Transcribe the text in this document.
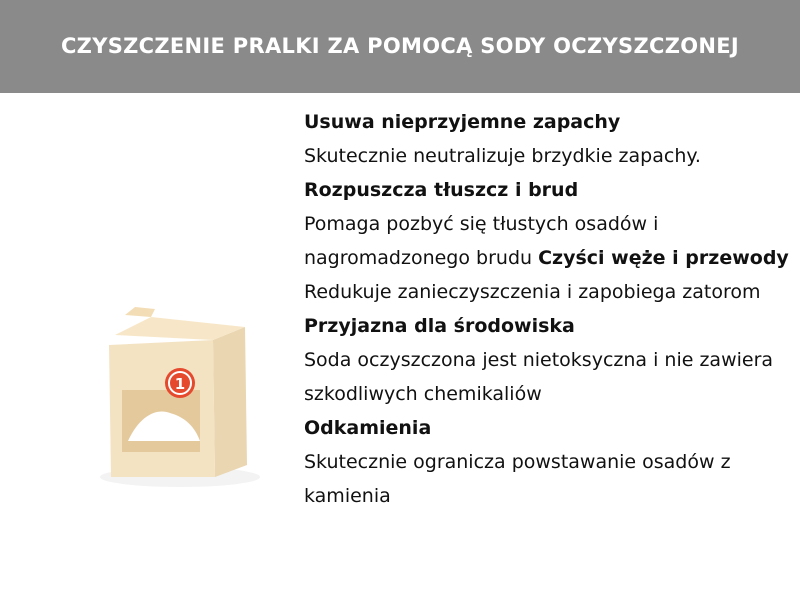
CZYSZCZENIE PRALKI ZA POMOCĄ SODY OCZYSZCZONEJ
1

Usuwa nieprzyjemne zapachy
Skutecznie neutralizuje brzydkie zapachy.

Rozpuszcza tłuszcz i brud
Pomaga pozbyć się tłustych osadów i nagromadzonego brudu Czyści węże i przewody

Redukuje zanieczyszczenia i zapobiega zatorom

Przyjazna dla środowiska
Soda oczyszczona jest nietoksyczna i nie zawiera szkodliwych chemikaliów

Odkamienia
Skutecznie ogranicza powstawanie osadów z kamienia
